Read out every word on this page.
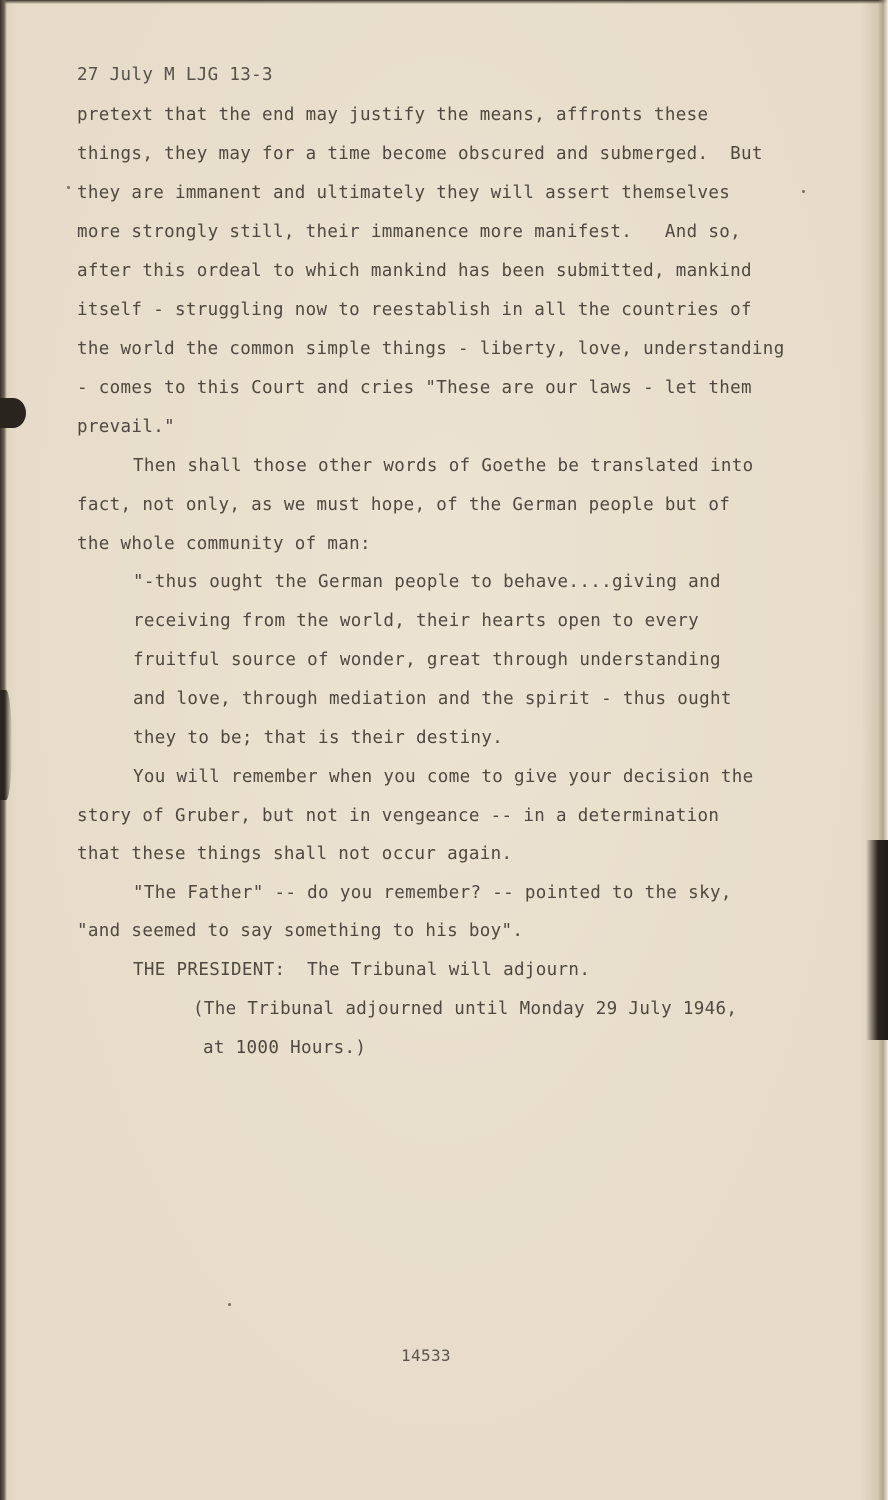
27 July M LJG 13-3

pretext that the end may justify the means, affronts these

things, they may for a time become obscured and submerged.  But

they are immanent and ultimately they will assert themselves

more strongly still, their immanence more manifest.   And so,

after this ordeal to which mankind has been submitted, mankind

itself - struggling now to reestablish in all the countries of

the world the common simple things - liberty, love, understanding

- comes to this Court and cries "These are our laws - let them

prevail."

Then shall those other words of Goethe be translated into

fact, not only, as we must hope, of the German people but of

the whole community of man:

"-thus ought the German people to behave....giving and

receiving from the world, their hearts open to every

fruitful source of wonder, great through understanding

and love, through mediation and the spirit - thus ought

they to be; that is their destiny.

You will remember when you come to give your decision the

story of Gruber, but not in vengeance -- in a determination

that these things shall not occur again.

"The Father" -- do you remember? -- pointed to the sky,

"and seemed to say something to his boy".

THE PRESIDENT:  The Tribunal will adjourn.

(The Tribunal adjourned until Monday 29 July 1946,

at 1000 Hours.)

14533
